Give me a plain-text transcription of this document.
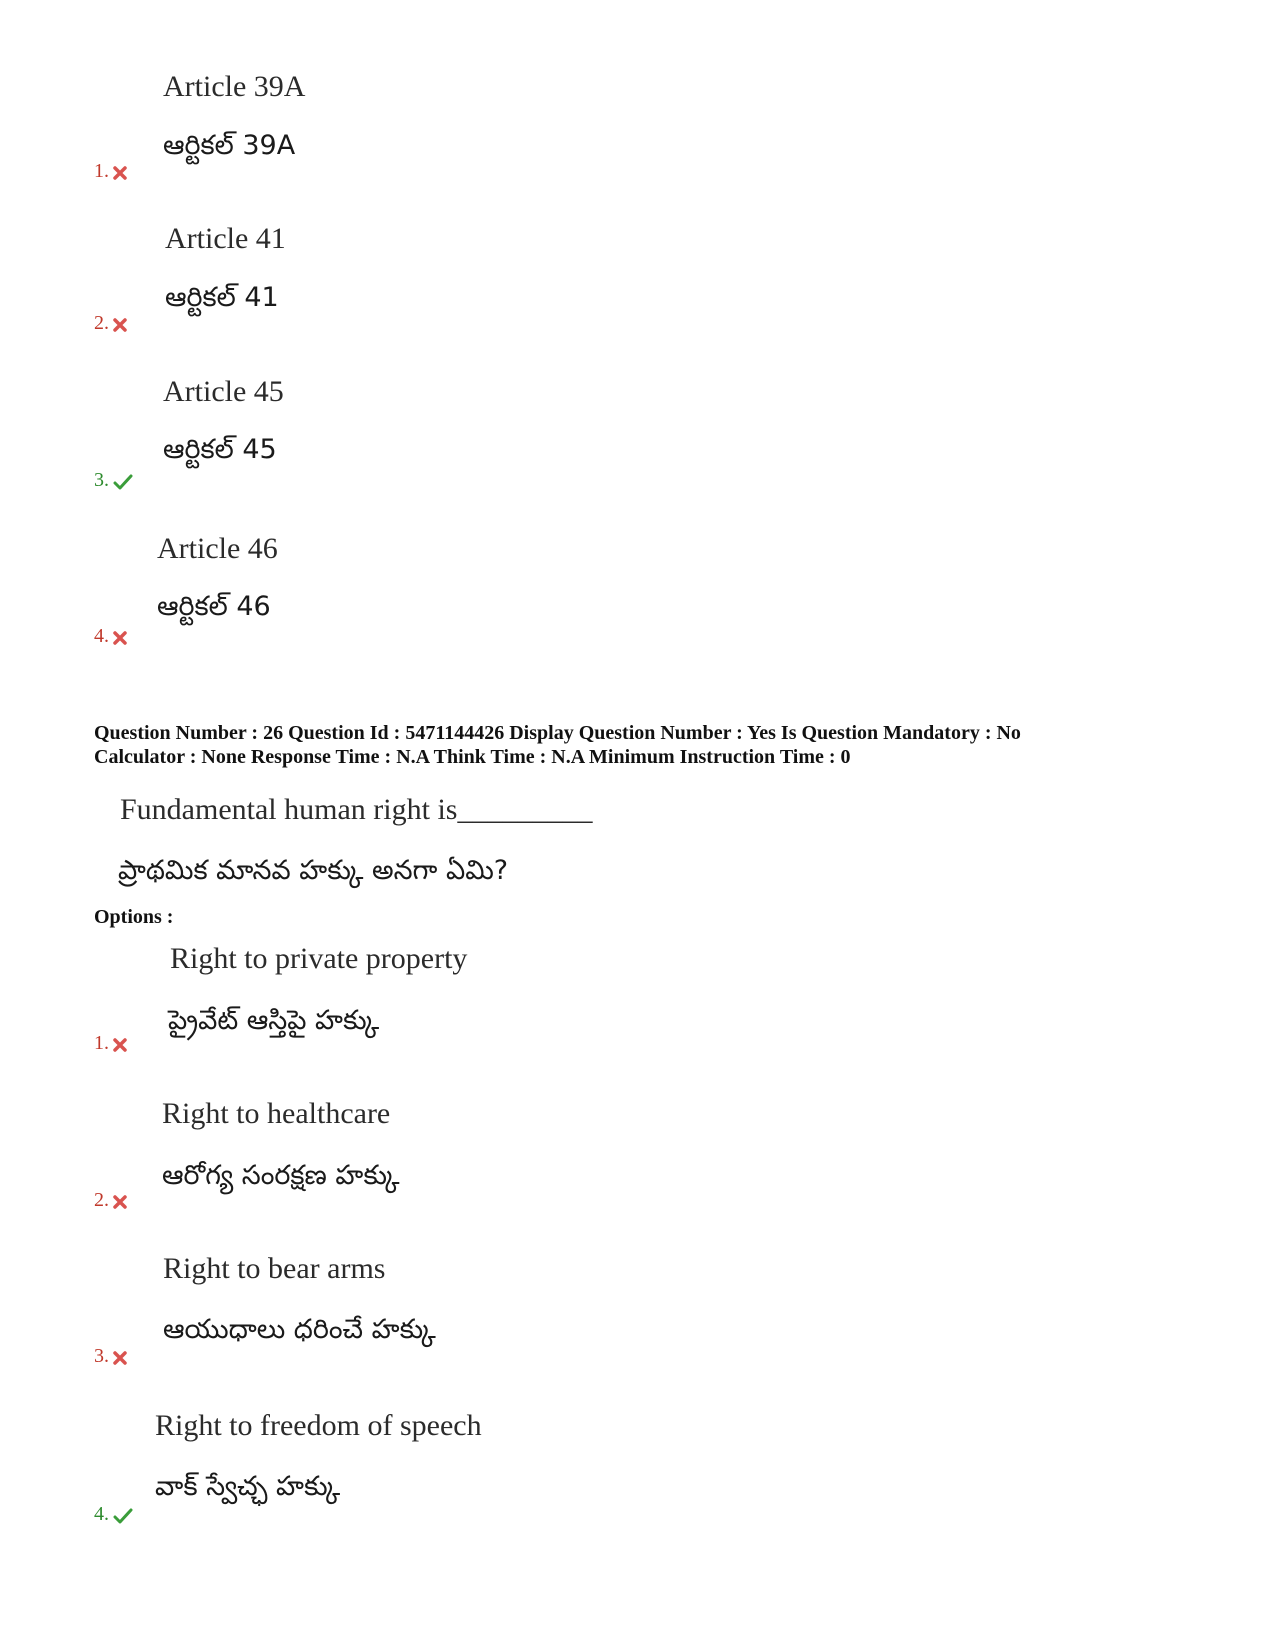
Article 39A
ఆర్టికల్ 39A
1.
Article 41
ఆర్టికల్ 41
2.
Article 45
ఆర్టికల్ 45
3.
Article 46
ఆర్టికల్ 46
4.
Question Number : 26 Question Id : 5471144426 Display Question Number : Yes Is Question Mandatory : No
Calculator : None Response Time : N.A Think Time : N.A Minimum Instruction Time : 0
Fundamental human right is_________
ప్రాథమిక మానవ హక్కు అనగా ఏమి?
Options :
Right to private property
ప్రైవేట్ ఆస్తిపై హక్కు
1.
Right to healthcare
ఆరోగ్య సంరక్షణ హక్కు
2.
Right to bear arms
ఆయుధాలు ధరించే హక్కు
3.
Right to freedom of speech
వాక్ స్వేచ్ఛ హక్కు
4.
